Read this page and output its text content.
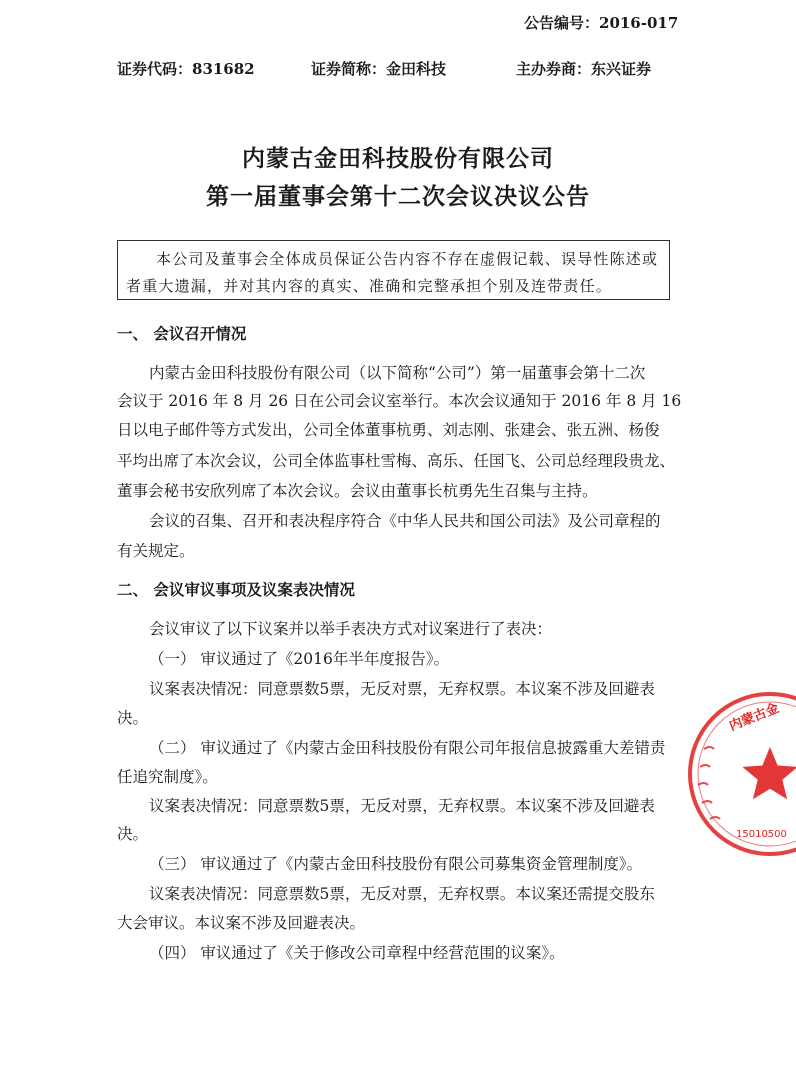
公告编号：2016-017
证券代码：831682	证券简称：金田科技	主办券商：东兴证券
内蒙古金田科技股份有限公司
第一届董事会第十二次会议决议公告
本公司及董事会全体成员保证公告内容不存在虚假记载、误导性陈述或
者重大遗漏，并对其内容的真实、准确和完整承担个别及连带责任。
一、 会议召开情况
内蒙古金田科技股份有限公司（以下简称“公司”）第一届董事会第十二次
会议于 2016 年 8 月 26 日在公司会议室举行。本次会议通知于 2016 年 8 月 16
日以电子邮件等方式发出，公司全体董事杭勇、刘志刚、张建会、张五洲、杨俊
平均出席了本次会议，公司全体监事杜雪梅、高乐、任国飞、公司总经理段贵龙、
董事会秘书安欣列席了本次会议。会议由董事长杭勇先生召集与主持。
会议的召集、召开和表决程序符合《中华人民共和国公司法》及公司章程的
有关规定。
二、 会议审议事项及议案表决情况
会议审议了以下议案并以举手表决方式对议案进行了表决：
（一） 审议通过了《2016年半年度报告》。
议案表决情况：同意票数5票，无反对票，无弃权票。本议案不涉及回避表
决。
（二） 审议通过了《内蒙古金田科技股份有限公司年报信息披露重大差错责
任追究制度》。
议案表决情况：同意票数5票，无反对票，无弃权票。本议案不涉及回避表
决。
（三） 审议通过了《内蒙古金田科技股份有限公司募集资金管理制度》。
议案表决情况：同意票数5票，无反对票，无弃权票。本议案还需提交股东
大会审议。本议案不涉及回避表决。
（四） 审议通过了《关于修改公司章程中经营范围的议案》。
内蒙古金
15010500
